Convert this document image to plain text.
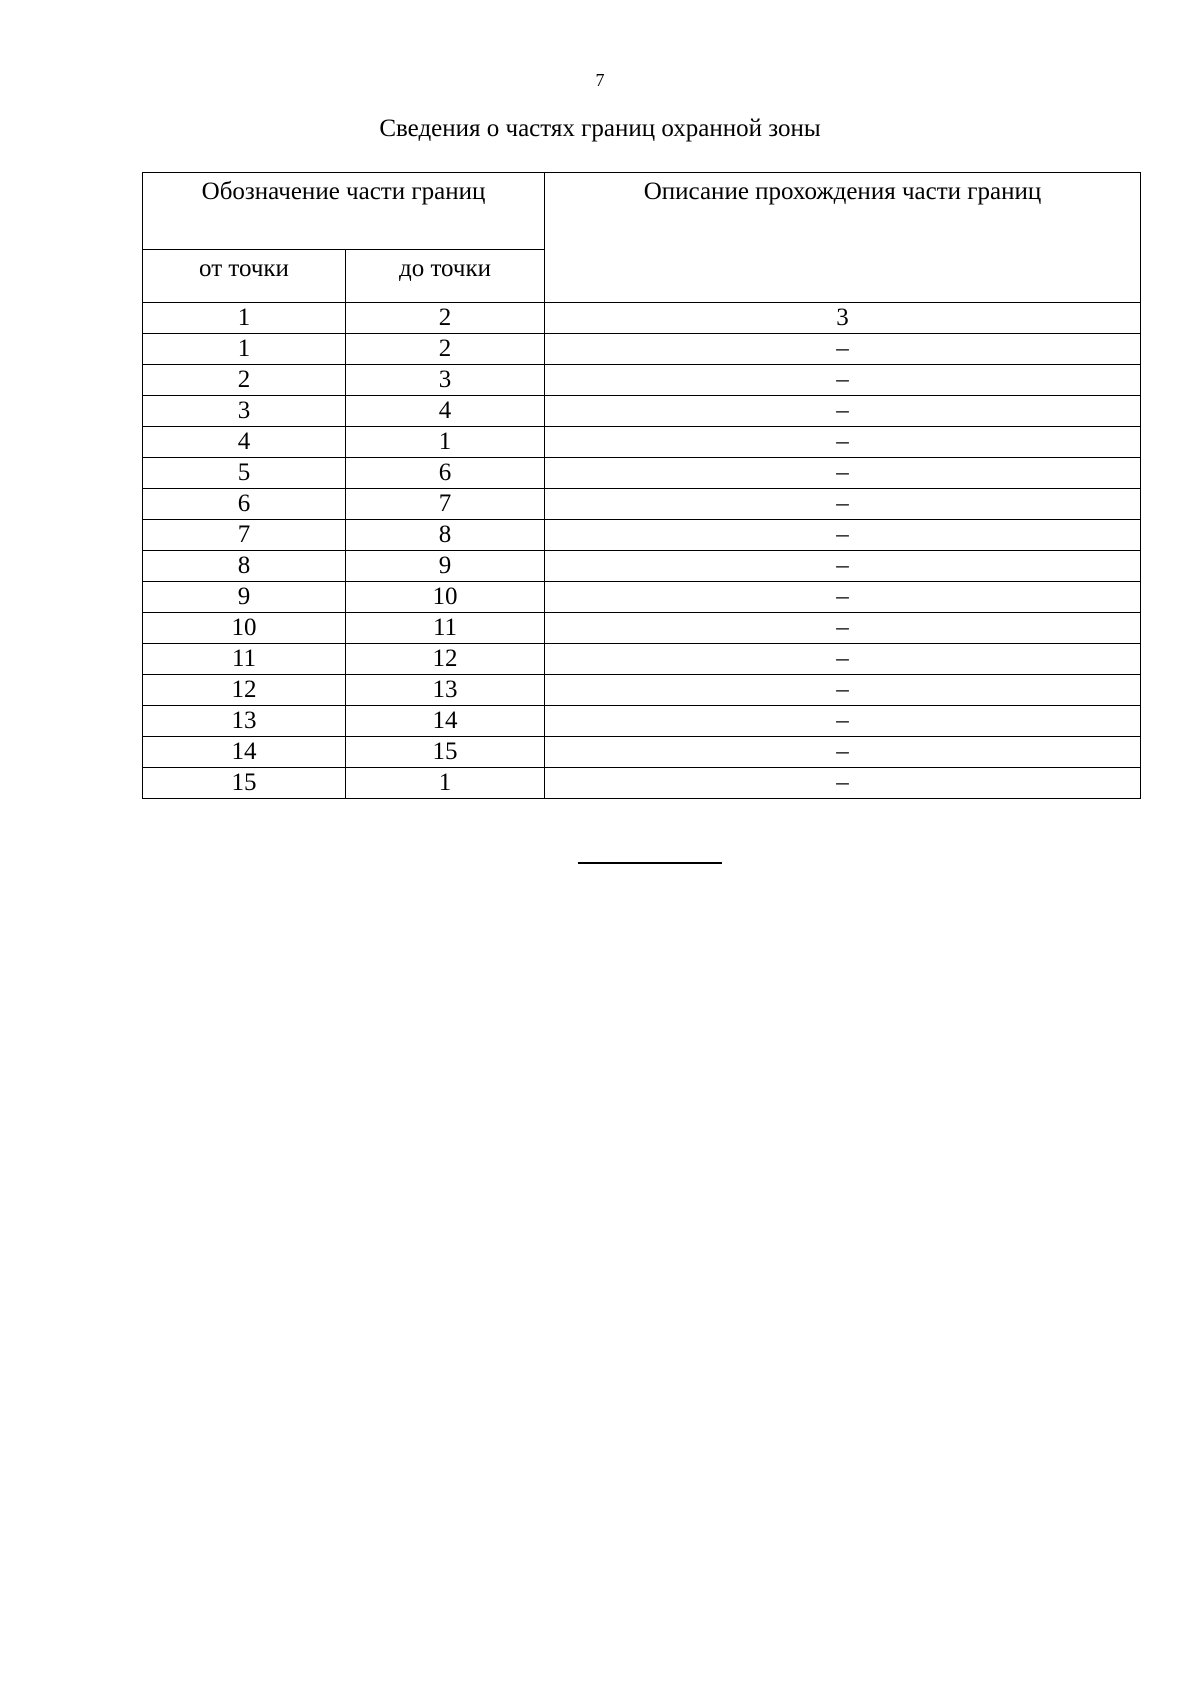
7
Сведения о частях границ охранной зоны
Обозначение части границ		Описание прохождения части границ
от точки	до точки	
1	2	3
1	2	–
2	3	–
3	4	–
4	1	–
5	6	–
6	7	–
7	8	–
8	9	–
9	10	–
10	11	–
11	12	–
12	13	–
13	14	–
14	15	–
15	1	–
